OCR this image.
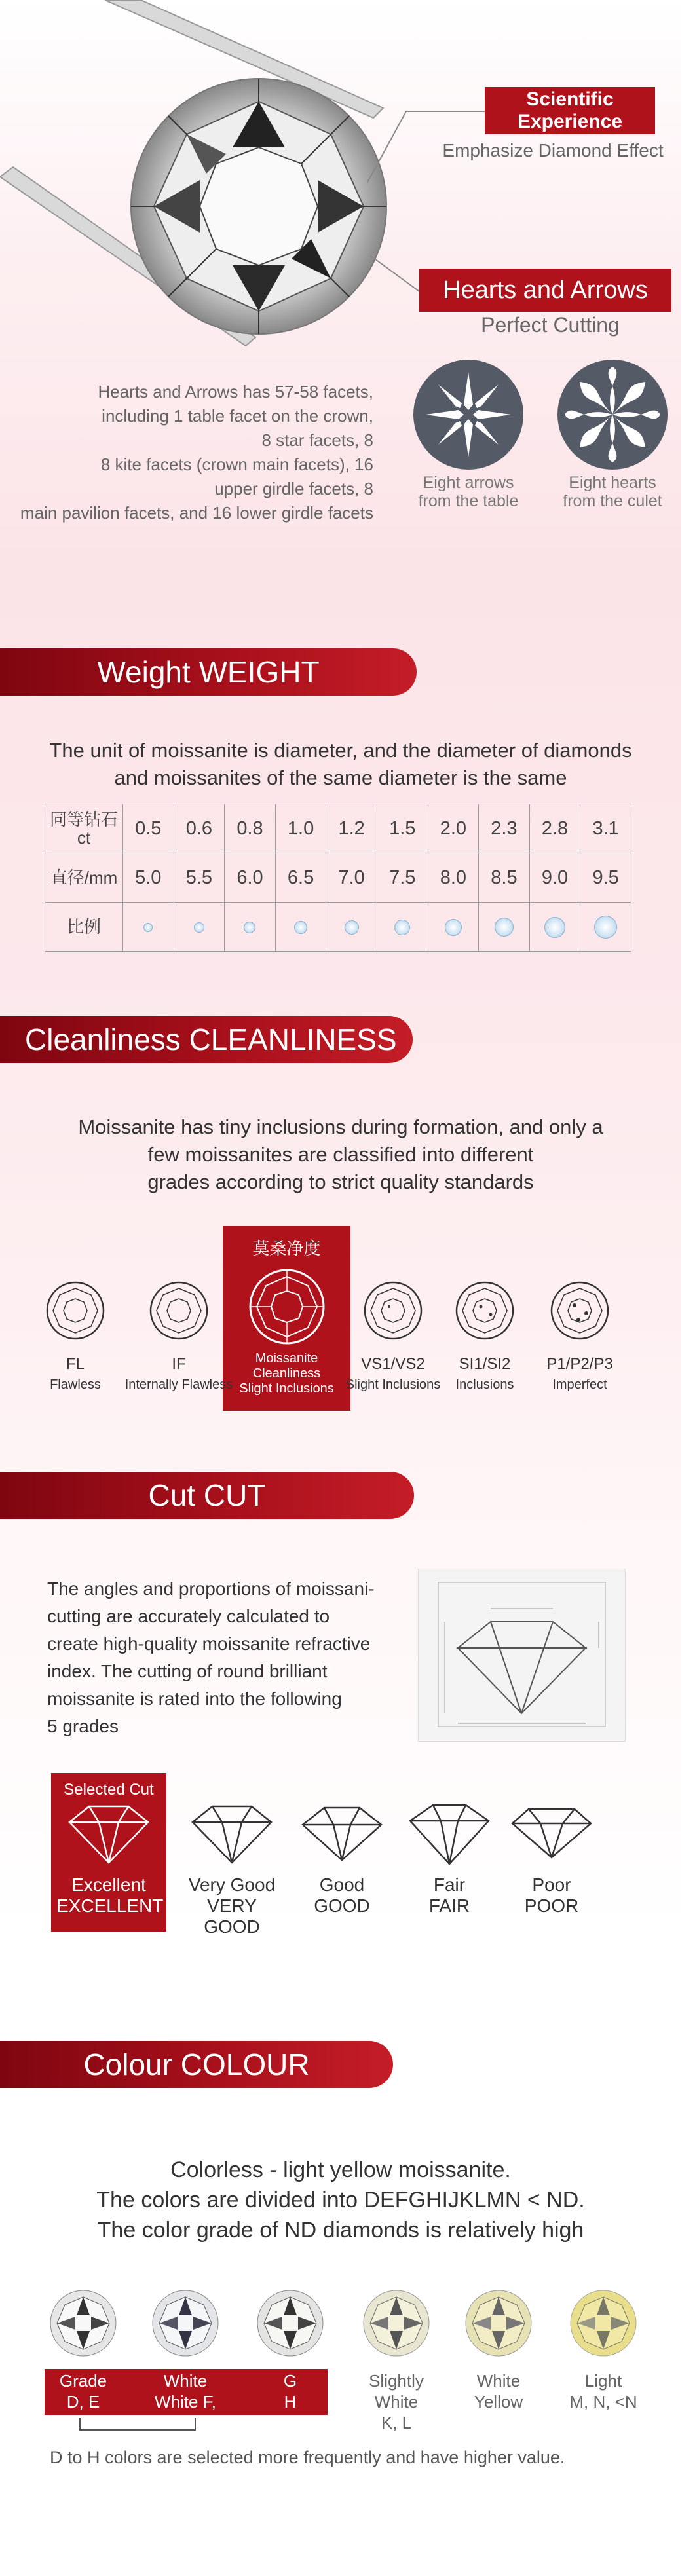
Scientific Experience
Emphasize Diamond Effect
Hearts and Arrows
Perfect Cutting
Hearts and Arrows has 57-58 facets,
including 1 table facet on the crown,
8 star facets, 8
8 kite facets (crown main facets), 16
upper girdle facets, 8
main pavilion facets, and 16 lower girdle facets
Eight arrows
from the table
Eight hearts
from the culet
Weight WEIGHT
The unit of moissanite is diameter, and the diameter of diamonds
and moissanites of the same diameter is the same
同等钻石
ct	0.5	0.6	0.8	1.0	1.2	1.5	2.0	2.3	2.8	3.1
直径/mm	5.0	5.5	6.0	6.5	7.0	7.5	8.0	8.5	9.0	9.5
比例										
Cleanliness CLEANLINESS
Moissanite has tiny inclusions during formation, and only a
few moissanites are classified into different
grades according to strict quality standards
莫桑净度
Moissanite
Cleanliness
Slight Inclusions
FL
Flawless
IF
Internally Flawless
VS1/VS2
Slight Inclusions
SI1/SI2
Inclusions
P1/P2/P3
Imperfect
Cut CUT
The angles and proportions of moissani-
cutting are accurately calculated to
create high-quality moissanite refractive
index. The cutting of round brilliant
moissanite is rated into the following
5 grades
Selected Cut
Excellent
EXCELLENT
Very Good
VERY GOOD
Good
GOOD
Fair
FAIR
Poor
POOR
Colour COLOUR
Colorless - light yellow moissanite.
The colors are divided into DEFGHIJKLMN < ND.
The color grade of ND diamonds is relatively high
Grade
D, E
White
White F,
G
H
Slightly White
K, L
White
Yellow
Light
M, N, <N
D to H colors are selected more frequently and have higher value.
